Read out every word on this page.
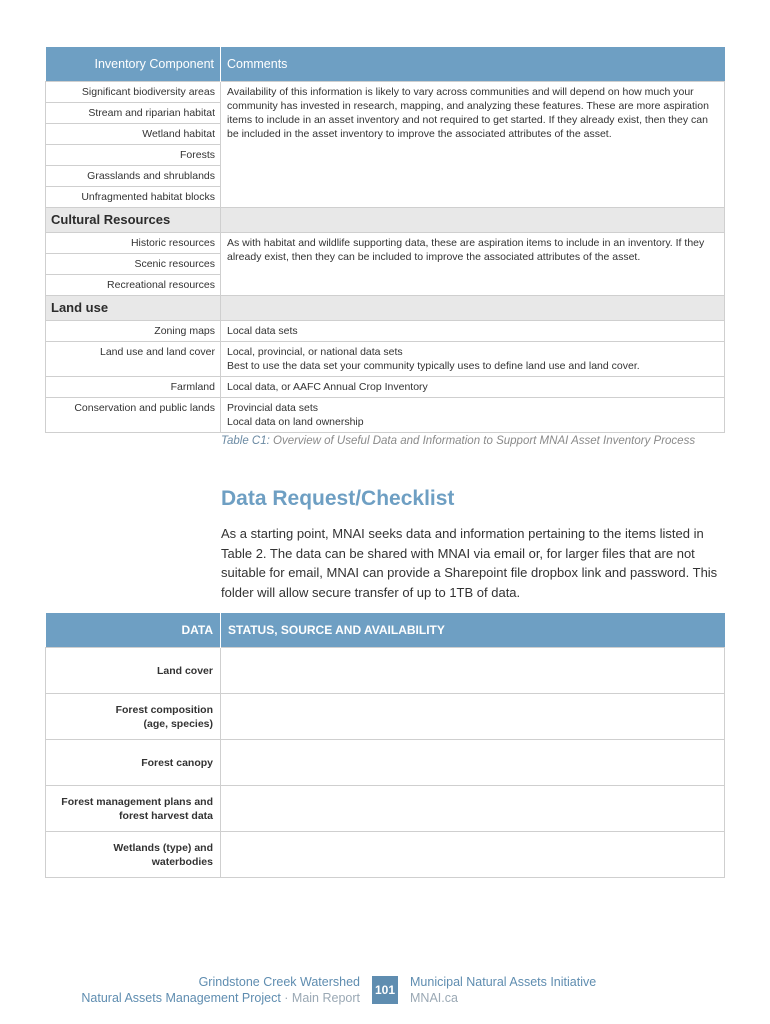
Inventory Component	Comments
Significant biodiversity areas	Availability of this information is likely to vary across communities and will depend on how much your community has invested in research, mapping, and analyzing these features. These are more aspiration items to include in an asset inventory and not required to get started. If they already exist, then they can be included in the asset inventory to improve the associated attributes of the asset.
Stream and riparian habitat	
Wetland habitat	
Forests	
Grasslands and shrublands	
Unfragmented habitat blocks	
Cultural Resources	
Historic resources	As with habitat and wildlife supporting data, these are aspiration items to include in an inventory. If they already exist, then they can be included to improve the associated attributes of the asset.
Scenic resources	
Recreational resources	
Land use	
Zoning maps	Local data sets

Land use and land cover	Local, provincial, or national data sets
Best to use the data set your community typically uses to define land use and land cover.

Farmland	Local data, or AAFC Annual Crop Inventory

Conservation and public lands	Provincial data sets
Local data on land ownership
Table C1: Overview of Useful Data and Information to Support MNAI Asset Inventory Process
Data Request/Checklist

As a starting point, MNAI seeks data and information pertaining to the items listed in Table 2. The data can be shared with MNAI via email or, for larger files that are not suitable for email, MNAI can provide a Sharepoint file dropbox link and password. This folder will allow secure transfer of up to 1TB of data.

DATA	STATUS, SOURCE AND AVAILABILITY

Land cover	

Forest composition
(age, species)	

Forest canopy	

Forest management plans and
forest harvest data	

Wetlands (type) and
waterbodies	

Grindstone Creek Watershed
Natural Assets Management Project · Main Report
101
Municipal Natural Assets Initiative
MNAI.ca
